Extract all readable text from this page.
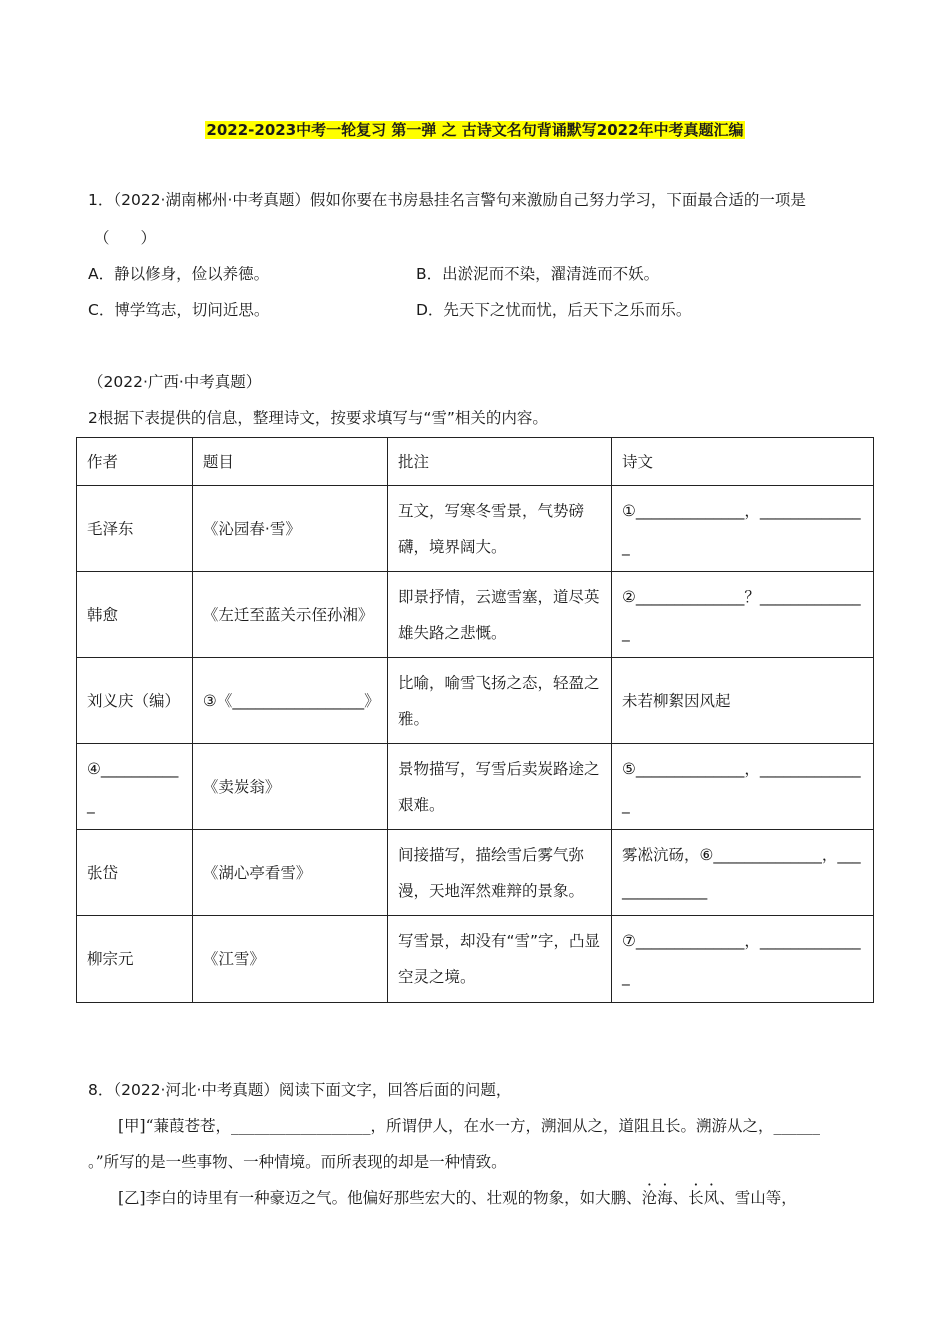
2022-2023中考一轮复习 第一弹 之 古诗文名句背诵默写2022年中考真题汇编
1．（2022·湖南郴州·中考真题）假如你要在书房悬挂名言警句来激励自己努力学习，下面最合适的一项是
（　　）
A．静以修身，俭以养德。	B．出淤泥而不染，濯清涟而不妖。
C．博学笃志，切问近思。	D．先天下之忧而忧，后天下之乐而乐。
（2022·广西·中考真题）
2根据下表提供的信息，整理诗文，按要求填写与“雪”相关的内容。
作者	题目	批注	诗文
毛泽东	《沁园春·雪》	互文，写寒冬雪景，气势磅礴，境界阔大。	①______________，______________
韩愈	《左迁至蓝关示侄孙湘》	即景抒情，云遮雪塞，道尽英雄失路之悲慨。	②______________？______________
刘义庆（编）	③《_________________》	比喻，喻雪飞扬之态，轻盈之雅。	未若柳絮因风起
④___________	《卖炭翁》	景物描写，写雪后卖炭路途之艰难。	⑤______________，______________
张岱	《湖心亭看雪》	间接描写，描绘雪后雾气弥漫，天地浑然难辩的景象。	雾凇沆砀，⑥______________，______________
柳宗元	《江雪》	写雪景，却没有“雪”字，凸显空灵之境。	⑦______________，______________
8．（2022·河北·中考真题）阅读下面文字，回答后面的问题，
[甲]“蒹葭苍苍，__________________，所谓伊人，在水一方，溯洄从之，道阻且长。溯游从之，______
。”所写的是一些事物、一种情境。而所表现的却是一种情致。
[乙]李白的诗里有一种豪迈之气。他偏好那些宏大的、壮观的物象，如大鹏、沧海、长风、雪山等，
